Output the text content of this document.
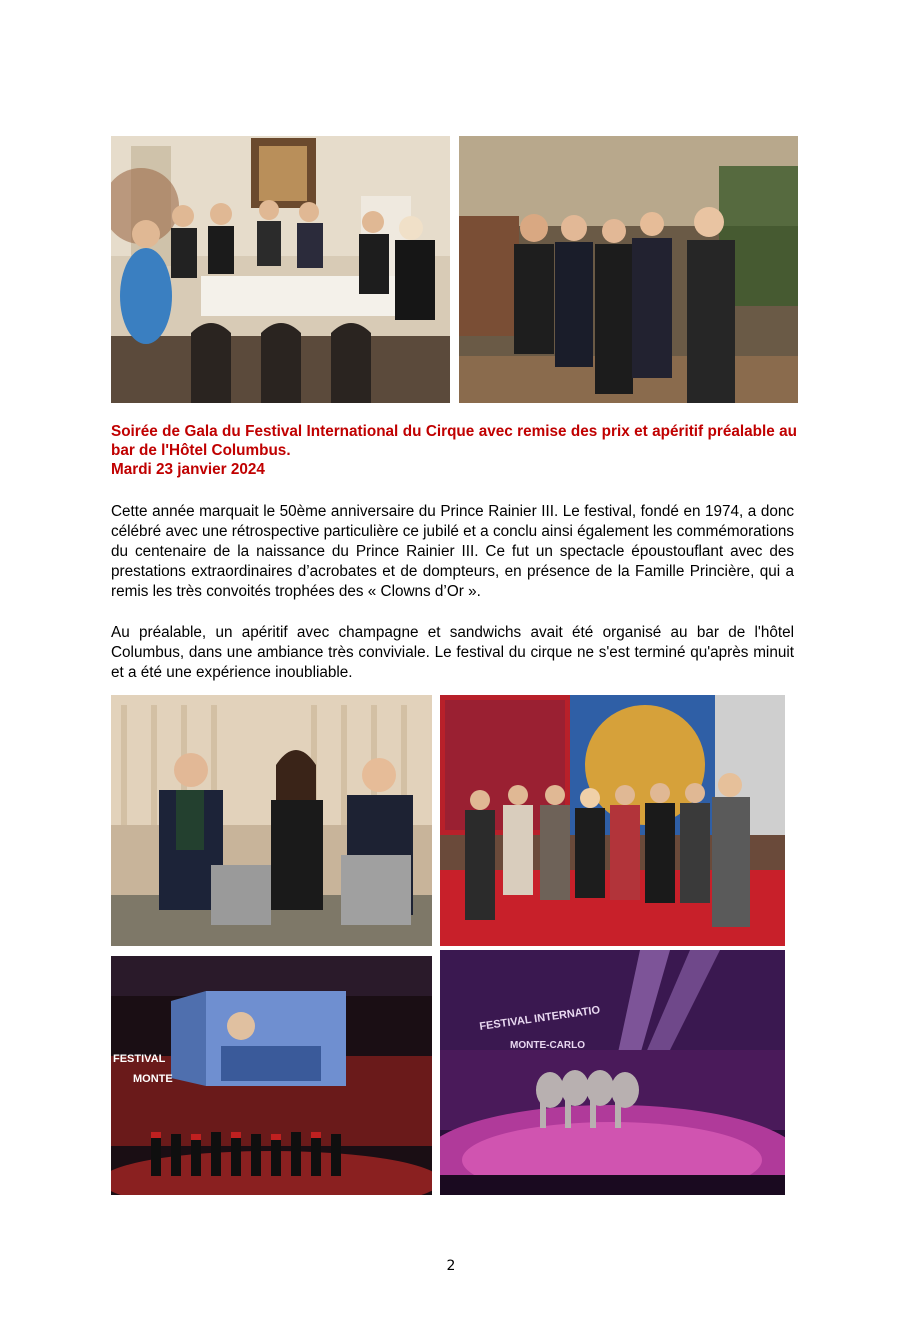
Soirée de Gala du Festival International du Cirque avec remise des prix et apéritif préalable au bar de l'Hôtel Columbus.

Mardi 23 janvier 2024

Cette année marquait le 50ème anniversaire du Prince Rainier III. Le festival, fondé en 1974, a donc célébré avec une rétrospective particulière ce jubilé et a conclu ainsi également les commémorations du centenaire de la naissance du Prince Rainier III. Ce fut un spectacle époustouflant avec des prestations extraordinaires d’acrobates et de dompteurs, en présence de la Famille Princière, qui a remis les très convoités trophées des « Clowns d’Or ».

Au préalable, un apéritif avec champagne et sandwichs avait été organisé au bar de l'hôtel Columbus, dans une ambiance très conviviale. Le festival du cirque ne s'est terminé qu'après minuit et a été une expérience inoubliable.

FESTIVAL
MONTE
FESTIVAL INTERNATIO
MONTE-CARLO
2
